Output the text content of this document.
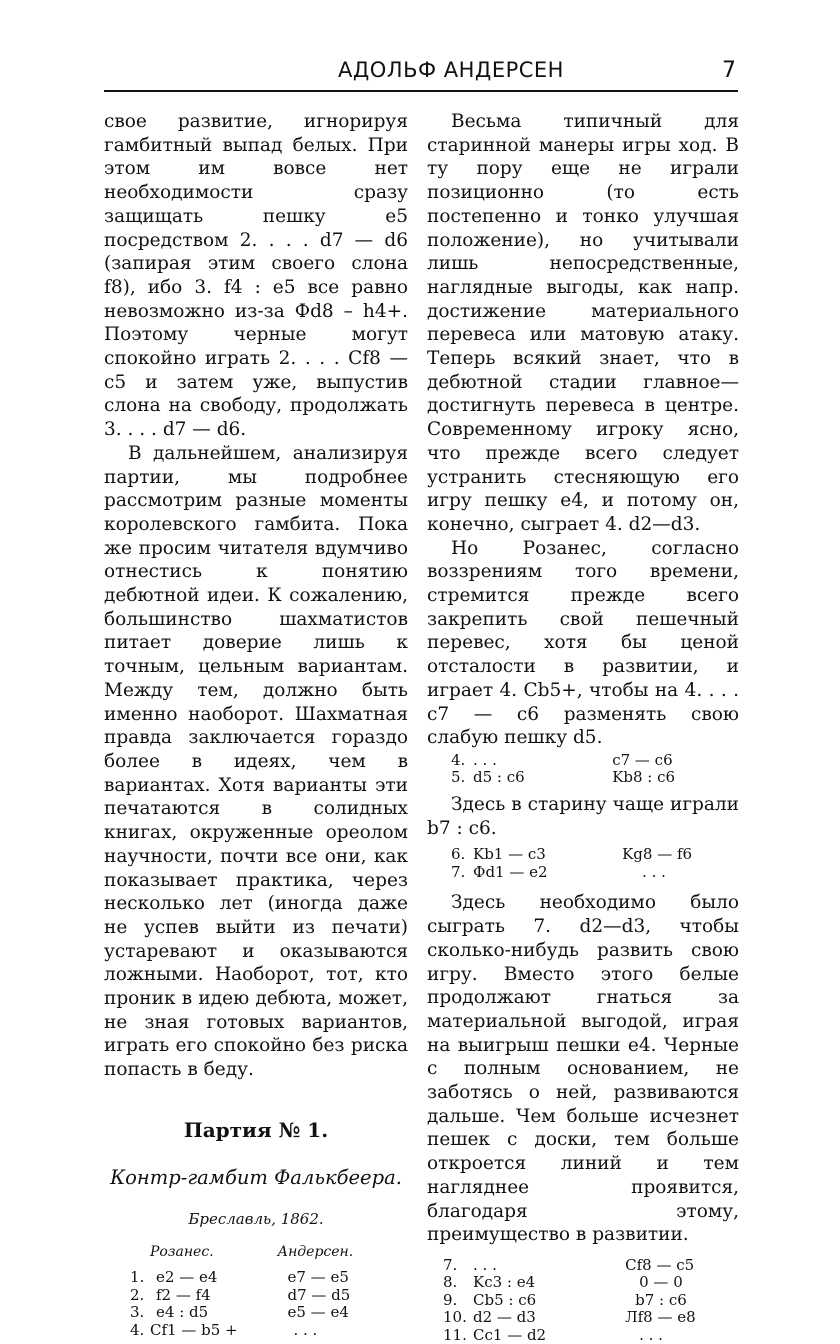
АДОЛЬФ АНДЕРСЕН	7

свое развитие, игнорируя гамбитный выпад белых. При этом им вовсе нет необходимости сразу защищать пешку e5 посредством 2. . . . d7 — d6 (запирая этим своего слона f8), ибо 3. f4 : e5 все равно невозможно из-за Фd8 – h4+. Поэтому черные могут спокойно играть 2. . . . Cf8 — c5 и затем уже, выпустив слона на свободу, продолжать 3. . . . d7 — d6.

В дальнейшем, анализируя партии, мы подробнее рассмотрим разные моменты королевского гамбита. Пока же просим читателя вдумчиво отнестись к понятию дебютной идеи. К сожалению, большинство шахматистов питает доверие лишь к точным, цельным вариантам. Между тем, должно быть именно наоборот. Шахматная правда заключается гораздо более в идеях, чем в вариантах. Хотя варианты эти печатаются в солидных книгах, окруженные ореолом научности, почти все они, как показывает практика, через несколько лет (иногда даже не успев выйти из печати) устаревают и оказываются ложными. Наоборот, тот, кто проник в идею дебюта, может, не зная готовых вариантов, играть его спокойно без риска попасть в беду.

Партия № 1.
Контр-гамбит Фалькбеера.
Бреславль, 1862.
	Розанес.	Андерсен.

1.	e2 — e4	e7 — e5
2.	f2 — f4	d7 — d5
3.	e4 : d5	e5 — e4
4.	Cf1 — b5 +	. . .

Весьма типичный для старинной манеры игры ход. В ту пору еще не играли позиционно (то есть постепенно и тонко улучшая положение), но учитывали лишь непосредственные, наглядные выгоды, как напр. достижение материального перевеса или матовую атаку. Теперь всякий знает, что в дебютной стадии главное—достигнуть перевеса в центре. Современному игроку ясно, что прежде всего следует устранить стесняющую его игру пешку e4, и потому он, конечно, сыграет 4. d2—d3.

Но Розанес, согласно воззрениям того времени, стремится прежде всего закрепить свой пешечный перевес, хотя бы ценой отсталости в развитии, и играет 4. Cb5+, чтобы на 4. . . . c7 — c6 разменять свою слабую пешку d5.

4.	. . .	c7 — c6
5.	d5 : c6	Kb8 : c6

Здесь в старину чаще играли b7 : c6.

6.	Kb1 — c3	Kg8 — f6
7.	Фd1 — e2	. . .

Здесь необходимо было сыграть 7. d2—d3, чтобы сколько-нибудь развить свою игру. Вместо этого белые продолжают гнаться за материальной выгодой, играя на выигрыш пешки e4. Черные с полным основанием, не заботясь о ней, развиваются дальше. Чем больше исчезнет пешек с доски, тем больше откроется линий и тем нагляднее проявится, благодаря этому, преимущество в развитии.

7.	. . .	Cf8 — c5
8.	Kc3 : e4	0 — 0
9.	Cb5 : c6	b7 : c6
10.	d2 — d3	Лf8 — e8
11.	Cc1 — d2	. . .
